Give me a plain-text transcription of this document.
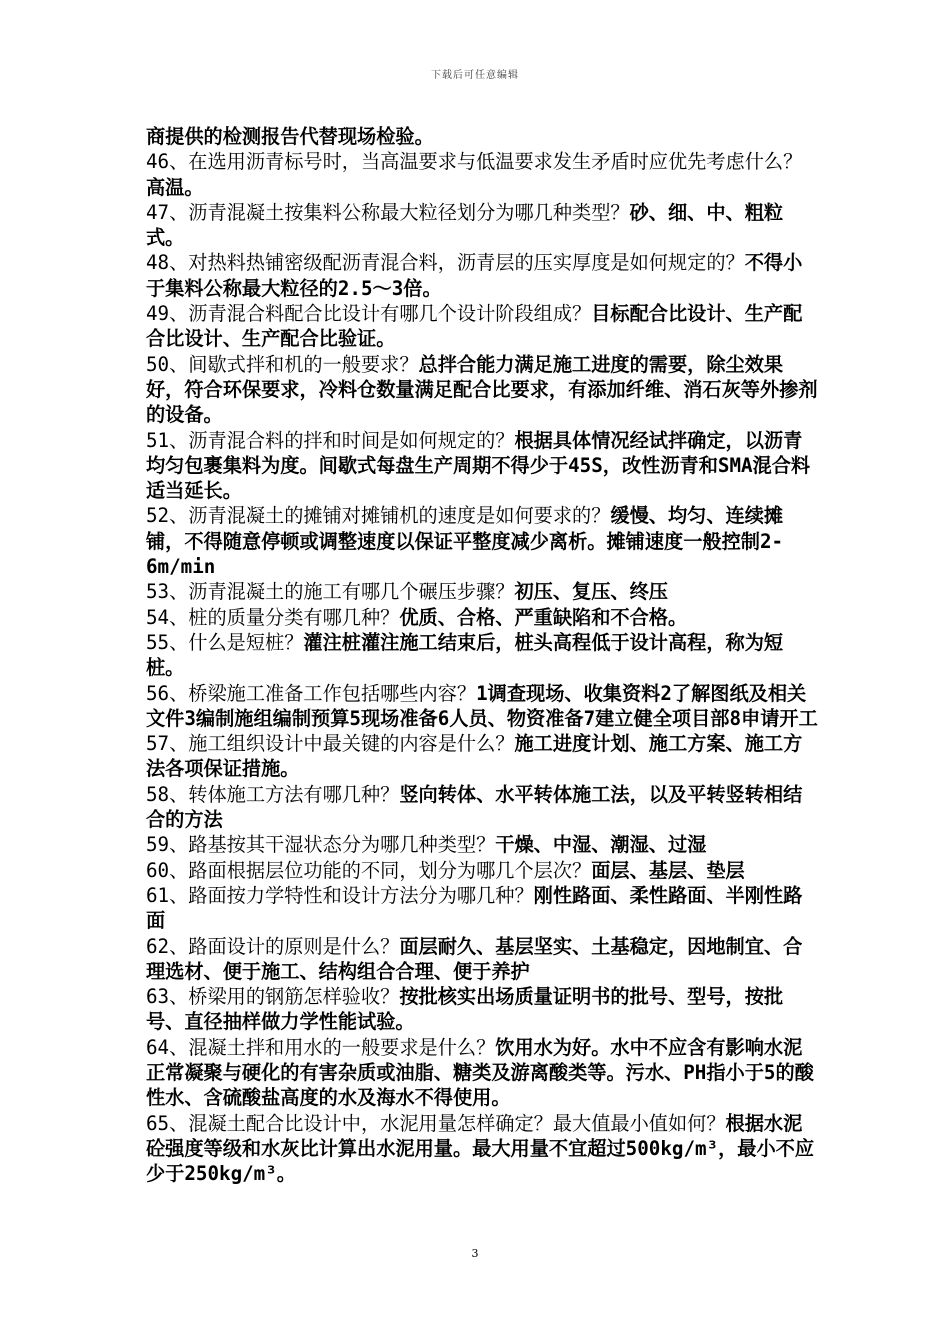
下载后可任意编辑

商提供的检测报告代替现场检验。

46、在选用沥青标号时，当高温要求与低温要求发生矛盾时应优先考虑什么？高温。

47、沥青混凝土按集料公称最大粒径划分为哪几种类型？砂、细、中、粗粒式。

48、对热料热铺密级配沥青混合料，沥青层的压实厚度是如何规定的？不得小于集料公称最大粒径的2.5～3倍。

49、沥青混合料配合比设计有哪几个设计阶段组成？目标配合比设计、生产配合比设计、生产配合比验证。

50、间歇式拌和机的一般要求？总拌合能力满足施工进度的需要，除尘效果好，符合环保要求，冷料仓数量满足配合比要求，有添加纤维、消石灰等外掺剂的设备。

51、沥青混合料的拌和时间是如何规定的？根据具体情况经试拌确定，以沥青均匀包裹集料为度。间歇式每盘生产周期不得少于45S，改性沥青和SMA混合料适当延长。

52、沥青混凝土的摊铺对摊铺机的速度是如何要求的？缓慢、均匀、连续摊铺，不得随意停顿或调整速度以保证平整度减少离析。摊铺速度一般控制2-6m/min

53、沥青混凝土的施工有哪几个碾压步骤？初压、复压、终压

54、桩的质量分类有哪几种？优质、合格、严重缺陷和不合格。

55、什么是短桩？灌注桩灌注施工结束后，桩头高程低于设计高程，称为短桩。

56、桥梁施工准备工作包括哪些内容？1调查现场、收集资料2了解图纸及相关文件3编制施组编制预算5现场准备6人员、物资准备7建立健全项目部8申请开工

57、施工组织设计中最关键的内容是什么？施工进度计划、施工方案、施工方法各项保证措施。

58、转体施工方法有哪几种？竖向转体、水平转体施工法，以及平转竖转相结合的方法

59、路基按其干湿状态分为哪几种类型？干燥、中湿、潮湿、过湿

60、路面根据层位功能的不同，划分为哪几个层次？面层、基层、垫层

61、路面按力学特性和设计方法分为哪几种？刚性路面、柔性路面、半刚性路面

62、路面设计的原则是什么？面层耐久、基层坚实、土基稳定，因地制宜、合理选材、便于施工、结构组合合理、便于养护

63、桥梁用的钢筋怎样验收？按批核实出场质量证明书的批号、型号，按批号、直径抽样做力学性能试验。

64、混凝土拌和用水的一般要求是什么？饮用水为好。水中不应含有影响水泥正常凝聚与硬化的有害杂质或油脂、糖类及游离酸类等。污水、PH指小于5的酸性水、含硫酸盐高度的水及海水不得使用。

65、混凝土配合比设计中，水泥用量怎样确定？最大值最小值如何？根据水泥砼强度等级和水灰比计算出水泥用量。最大用量不宜超过500kg/m³，最小不应少于250kg/m³。

3
